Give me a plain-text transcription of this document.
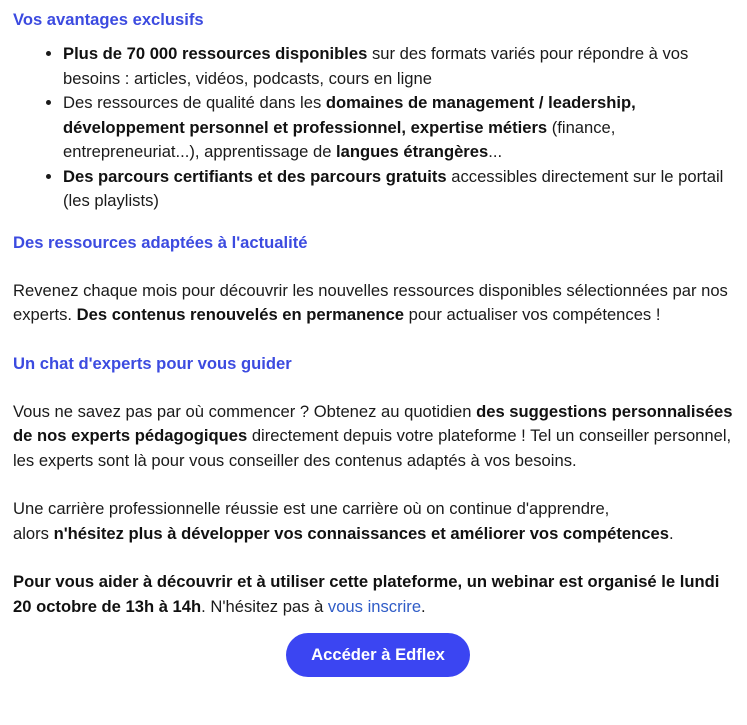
Vos avantages exclusifs
• Plus de 70 000 ressources disponibles sur des formats variés pour répondre à vos besoins : articles, vidéos, podcasts, cours en ligne
• Des ressources de qualité dans les domaines de management / leadership, développement personnel et professionnel, expertise métiers (finance, entrepreneuriat...), apprentissage de langues étrangères...
• Des parcours certifiants et des parcours gratuits accessibles directement sur le portail (les playlists)
Des ressources adaptées à l'actualité

Revenez chaque mois pour découvrir les nouvelles ressources disponibles sélectionnées par nos experts. Des contenus renouvelés en permanence pour actualiser vos compétences !

Un chat d'experts pour vous guider

Vous ne savez pas par où commencer ? Obtenez au quotidien des suggestions personnalisées de nos experts pédagogiques directement depuis votre plateforme ! Tel un conseiller personnel, les experts sont là pour vous conseiller des contenus adaptés à vos besoins.

Une carrière professionnelle réussie est une carrière où on continue d'apprendre,
alors n'hésitez plus à développer vos connaissances et améliorer vos compétences.

Pour vous aider à découvrir et à utiliser cette plateforme, un webinar est organisé le lundi 20 octobre de 13h à 14h. N'hésitez pas à vous inscrire.

Accéder à Edflex
